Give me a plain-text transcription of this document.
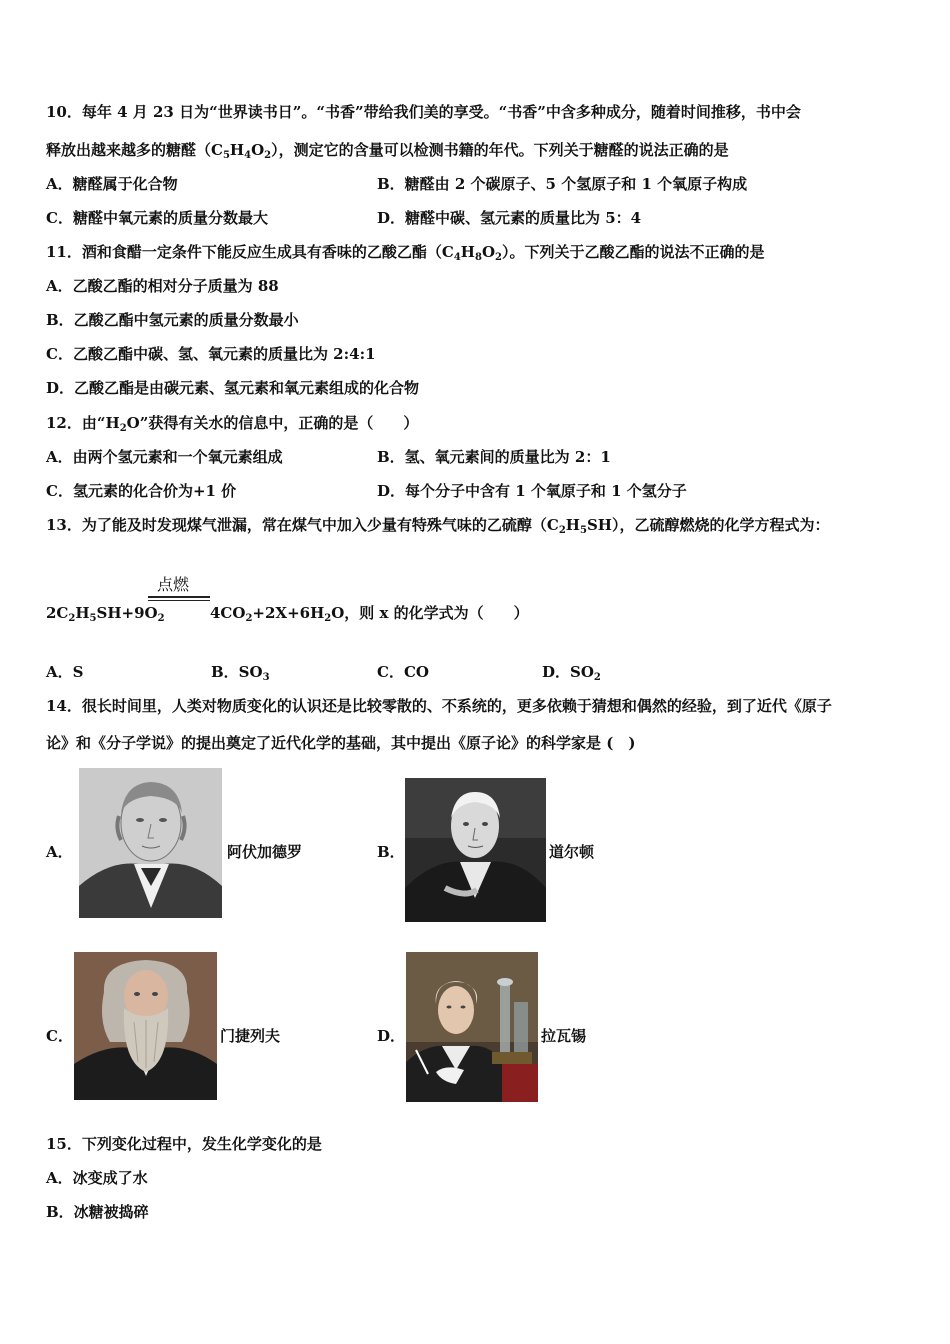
10．每年 4 月 23 日为“世界读书日”。“书香”带给我们美的享受。“书香”中含多种成分，随着时间推移，书中会
释放出越来越多的糖醛$(C_5H_4O_2)$，测定它的含量可以检测书籍的年代。下列关于糖醛的说法正确的是
A．糖醛属于化合物	B．糖醛由 2 个碳原子、5 个氢原子和 1 个氧原子构成
C．糖醛中氧元素的质量分数最大	D．糖醛中碳、氢元素的质量比为 5：4
11．酒和食醋一定条件下能反应生成具有香味的乙酸乙酯$(C_4H_8O_2)$。下列关于乙酸乙酯的说法不正确的是
A．乙酸乙酯的相对分子质量为 88
B．乙酸乙酯中氢元素的质量分数最小
C．乙酸乙酯中碳、氢、氧元素的质量比为 2:4:1
D．乙酸乙酯是由碳元素、氢元素和氧元素组成的化合物
12．由“$H_2O$”获得有关水的信息中，正确的是（　　）
A．由两个氢元素和一个氧元素组成	B．氢、氧元素间的质量比为 2：1
C．氢元素的化合价为+1 价	D．每个分子中含有 1 个氧原子和 1 个氢分子
13．为了能及时发现煤气泄漏，常在煤气中加入少量有特殊气味的乙硫醇$(C_2H_5SH)$，乙硫醇燃烧的化学方程式为：
点燃
$2C_2H_5SH+9O_2$	$4CO_2+2X+6H_2O$，则 x 的化学式为（　　）
A．S	B．$SO_3$	C．CO	D．$SO_2$
14．很长时间里，人类对物质变化的认识还是比较零散的、不系统的，更多依赖于猜想和偶然的经验，到了近代《原子
论》和《分子学说》的提出奠定了近代化学的基础，其中提出《原子论》的科学家是 (　)
A．	阿伏加德罗	B．	道尔顿
C．	门捷列夫	D．	拉瓦锡
15．下列变化过程中，发生化学变化的是
A．冰变成了水
B．冰糖被捣碎
